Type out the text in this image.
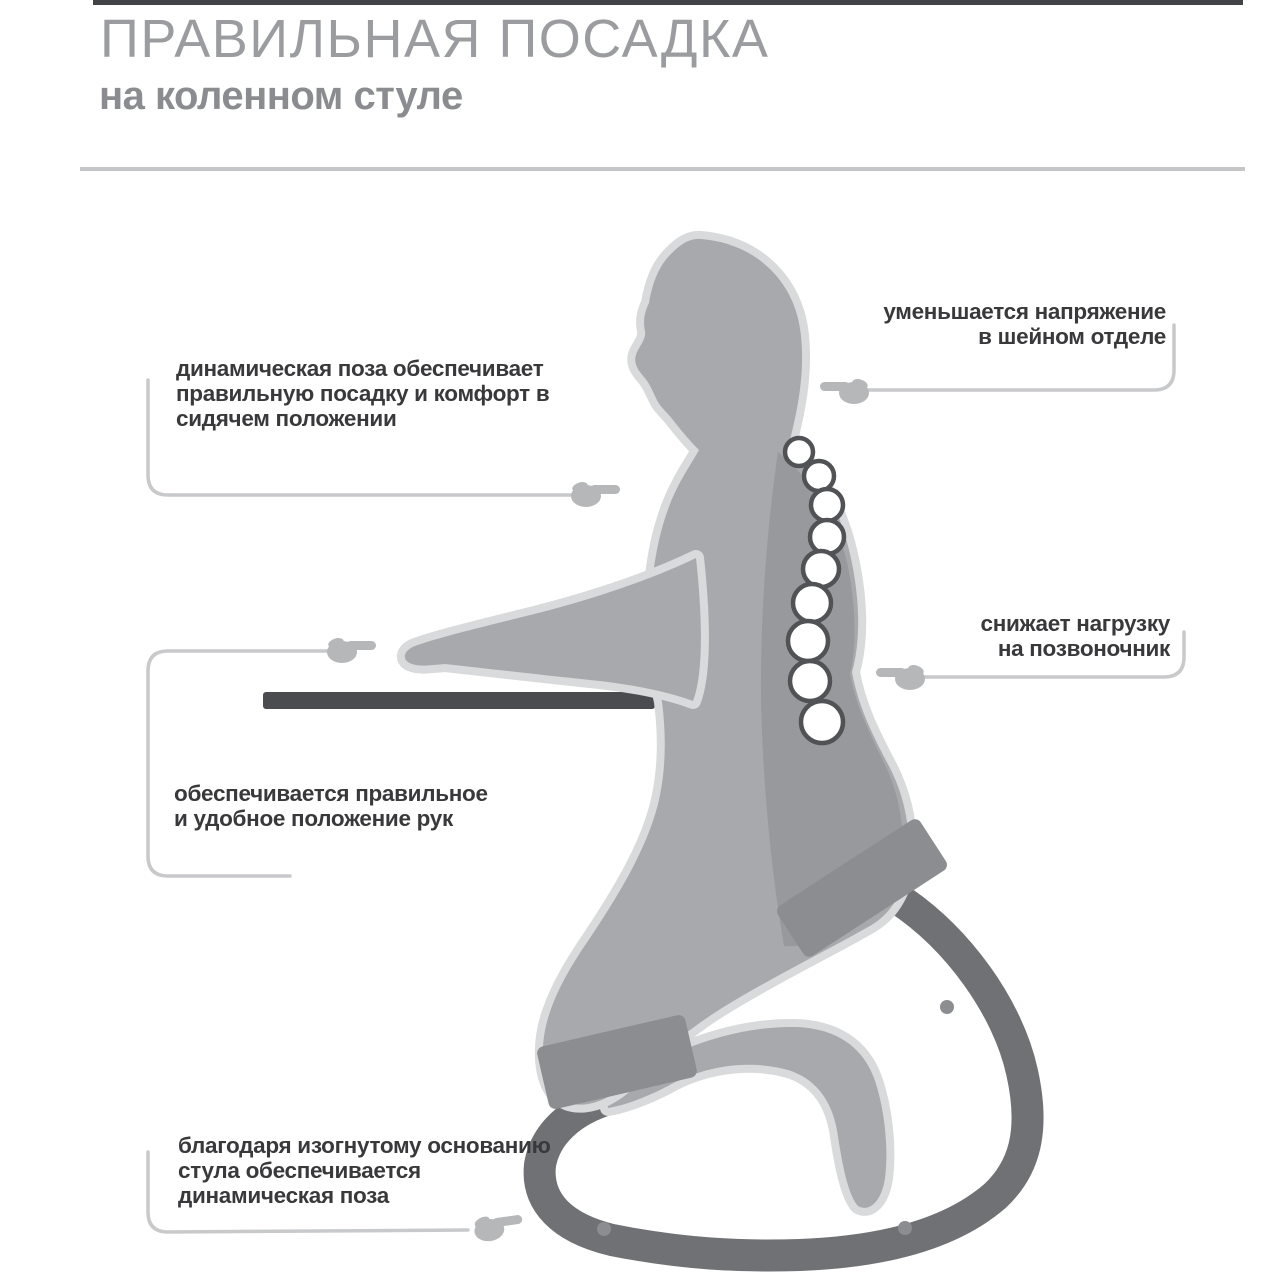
ПРАВИЛЬНАЯ ПОСАДКА
на коленном стуле
уменьшается напряжение
в шейном отделе
динамическая поза обеспечивает
правильную посадку и комфорт в
сидячем положении
снижает нагрузку
на позвоночник
обеспечивается правильное
и удобное положение рук
благодаря изогнутому основанию
стула обеспечивается
динамическая поза
